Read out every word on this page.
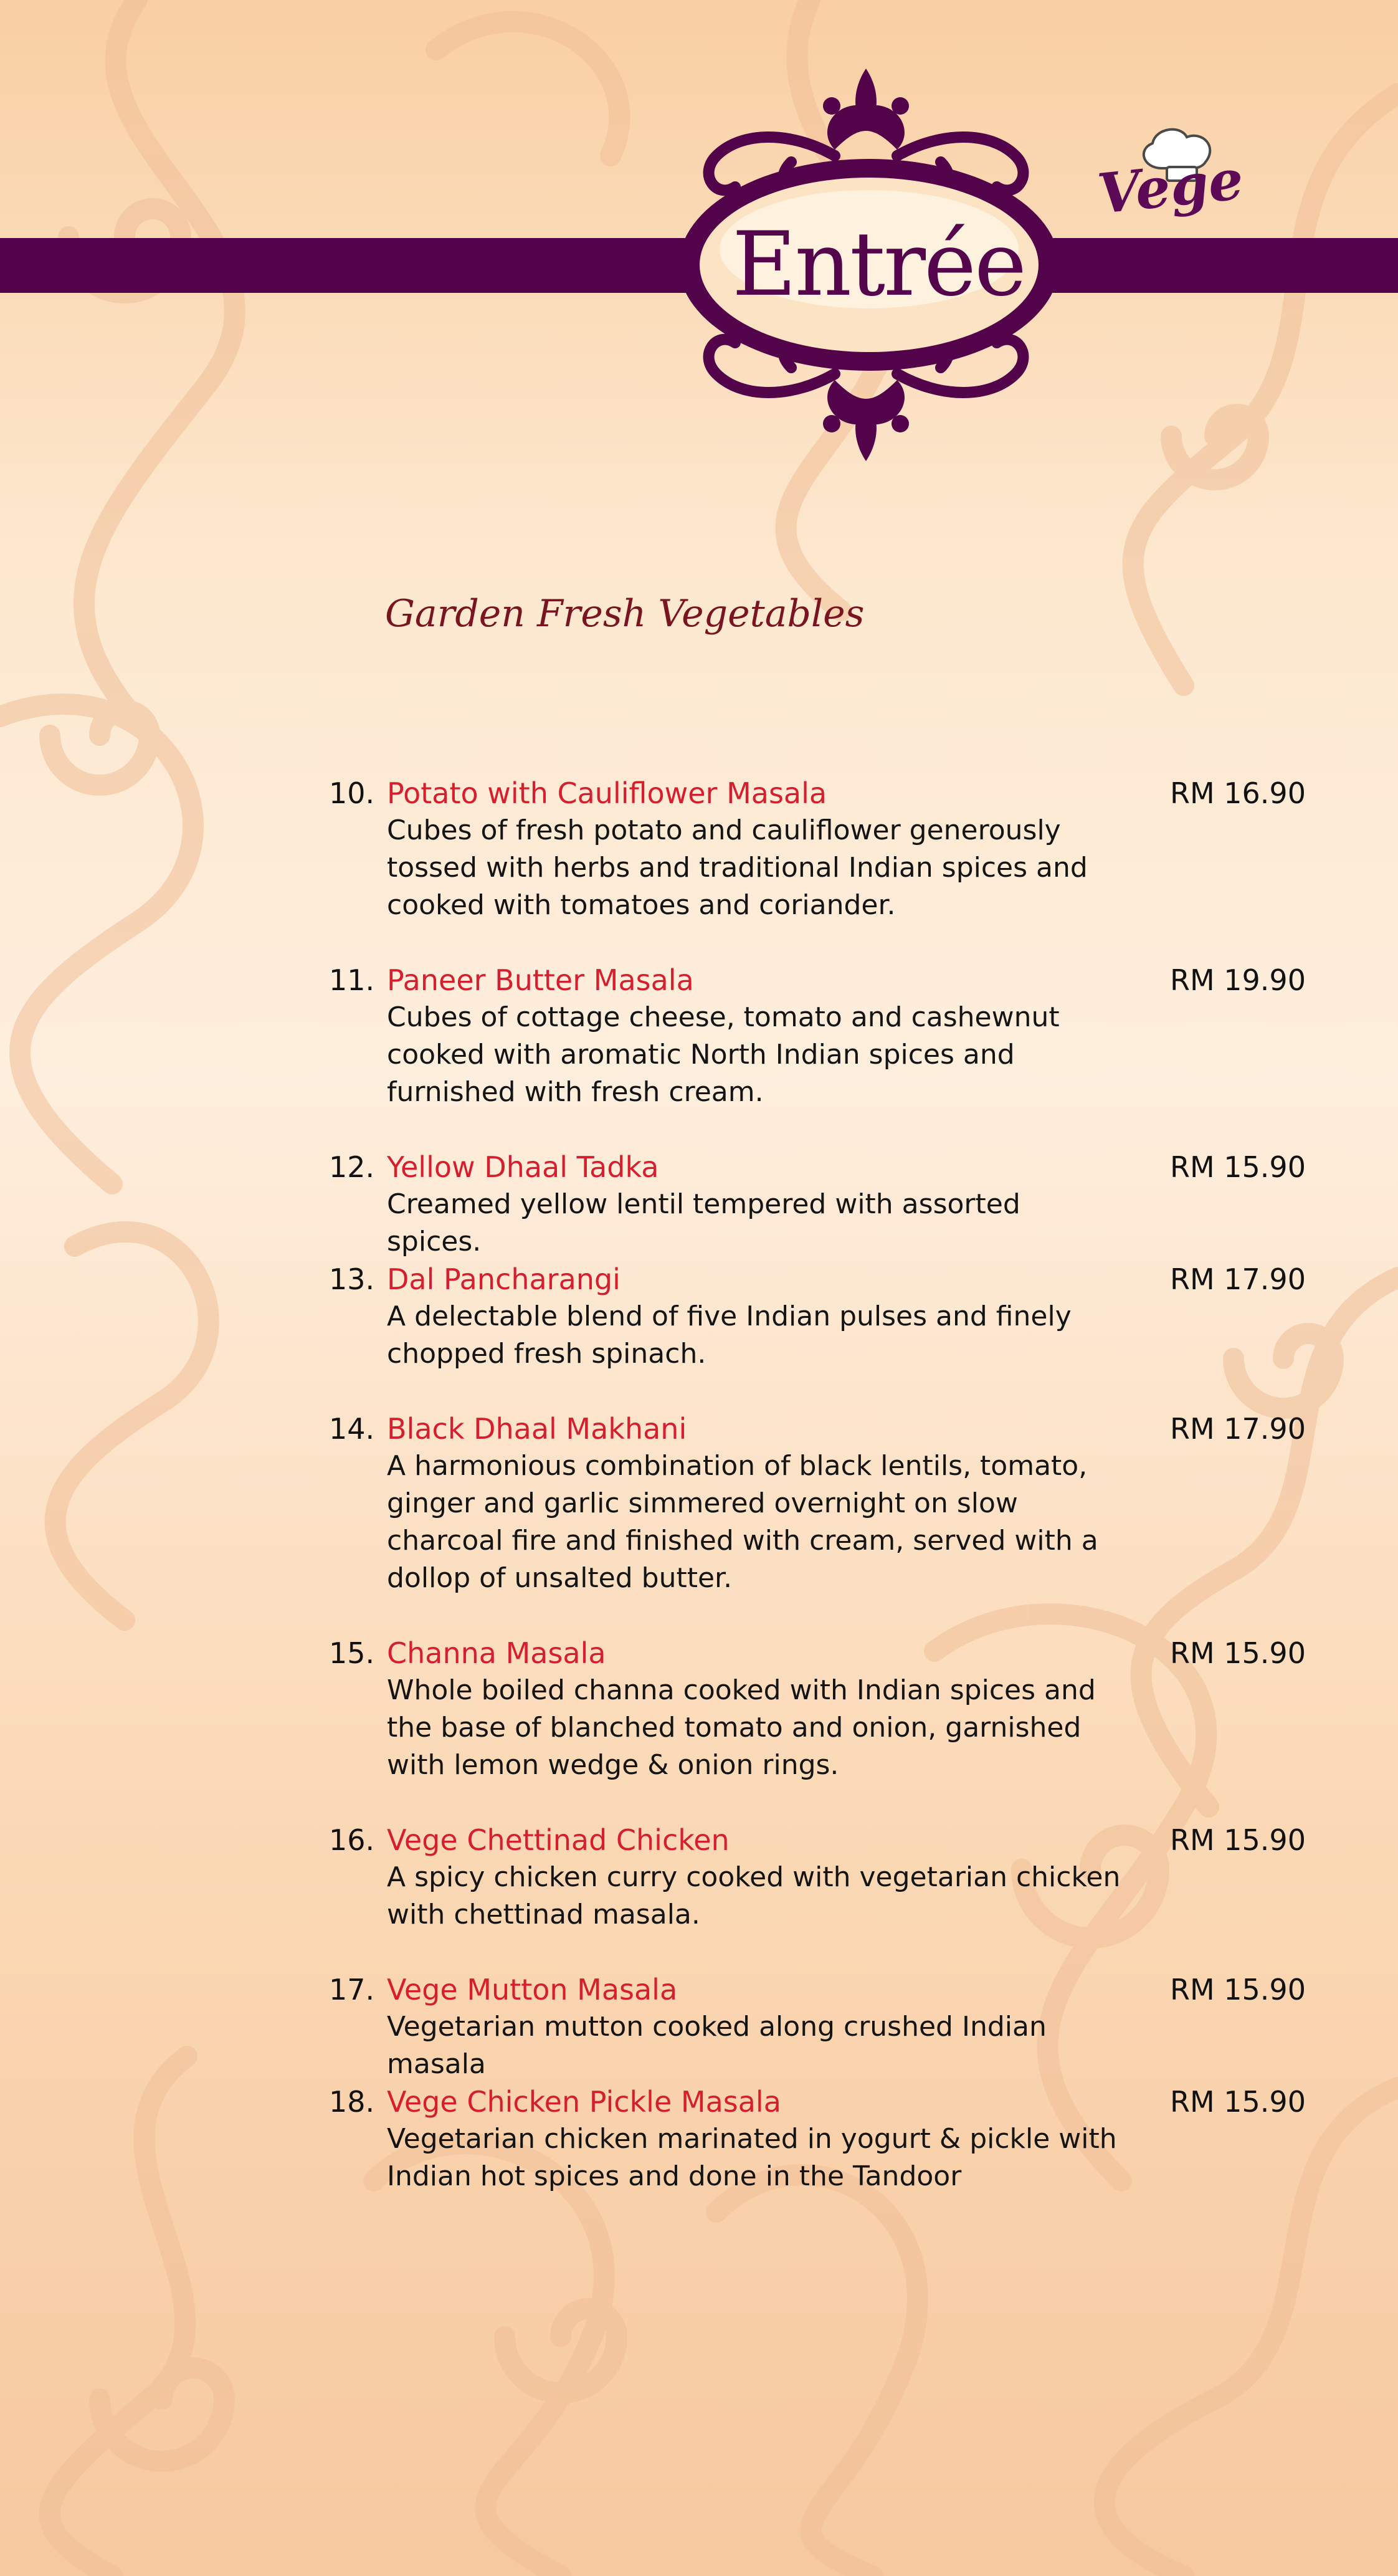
Entrée
Vege
Garden Fresh Vegetables
10. Potato with Cauliflower Masala	RM 16.90
Cubes of fresh potato and cauliflower generously tossed with herbs and traditional Indian spices and cooked with tomatoes and coriander.
11. Paneer Butter Masala	RM 19.90
Cubes of cottage cheese, tomato and cashewnut cooked with aromatic North Indian spices and furnished with fresh cream.
12. Yellow Dhaal Tadka	RM 15.90
Creamed yellow lentil tempered with assorted spices.
13. Dal Pancharangi	RM 17.90
A delectable blend of five Indian pulses and finely chopped fresh spinach.
14. Black Dhaal Makhani	RM 17.90
A harmonious combination of black lentils, tomato, ginger and garlic simmered overnight on slow charcoal fire and finished with cream, served with a dollop of unsalted butter.
15. Channa Masala	RM 15.90
Whole boiled channa cooked with Indian spices and the base of blanched tomato and onion, garnished with lemon wedge & onion rings.
16. Vege Chettinad Chicken	RM 15.90
A spicy chicken curry cooked with vegetarian chicken with chettinad masala.
17. Vege Mutton Masala	RM 15.90
Vegetarian mutton cooked along crushed Indian masala
18. Vege Chicken Pickle Masala	RM 15.90
Vegetarian chicken marinated in yogurt & pickle with Indian hot spices and done in the Tandoor
